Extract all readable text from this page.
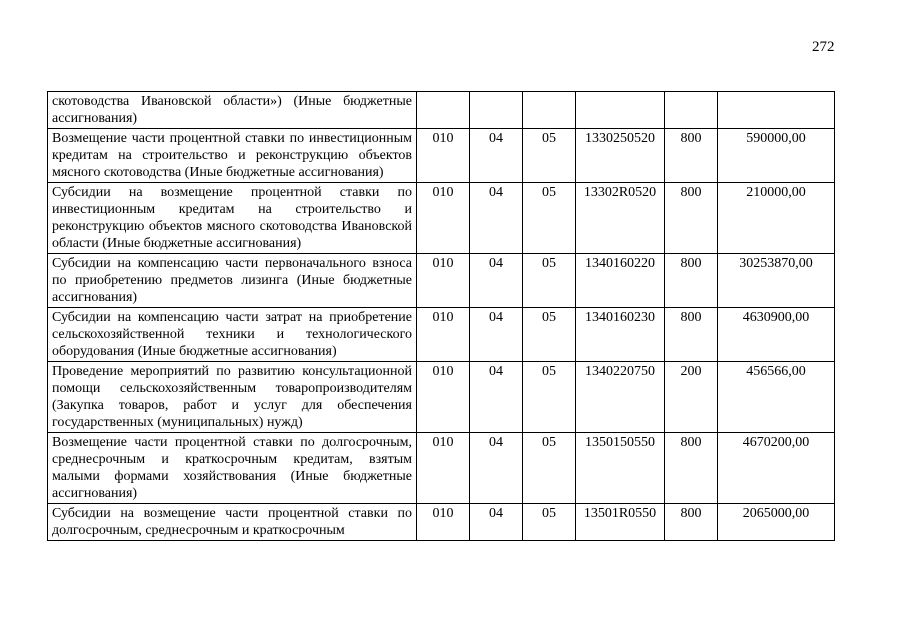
272
скотоводства Ивановской области») (Иные бюджетные ассигнования)						
Возмещение части процентной ставки по инвестиционным кредитам на строительство и реконструкцию объектов мясного скотоводства (Иные бюджетные ассигнования)	010	04	05	1330250520	800	590000,00
Субсидии на возмещение процентной ставки по инвестиционным кредитам на строительство и реконструкцию объектов мясного скотоводства Ивановской области (Иные бюджетные ассигнования)	010	04	05	13302R0520	800	210000,00
Субсидии на компенсацию части первоначального взноса по приобретению предметов лизинга (Иные бюджетные ассигнования)	010	04	05	1340160220	800	30253870,00
Субсидии на компенсацию части затрат на приобретение сельскохозяйственной техники и технологического оборудования (Иные бюджетные ассигнования)	010	04	05	1340160230	800	4630900,00
Проведение мероприятий по развитию консультационной помощи сельскохозяйственным товаропроизводителям (Закупка товаров, работ и услуг для обеспечения государственных (муниципальных) нужд)	010	04	05	1340220750	200	456566,00
Возмещение части процентной ставки по долгосрочным, среднесрочным и краткосрочным кредитам, взятым малыми формами хозяйствования (Иные бюджетные ассигнования)	010	04	05	1350150550	800	4670200,00
Субсидии на возмещение части процентной ставки по долгосрочным, среднесрочным и краткосрочным	010	04	05	13501R0550	800	2065000,00
